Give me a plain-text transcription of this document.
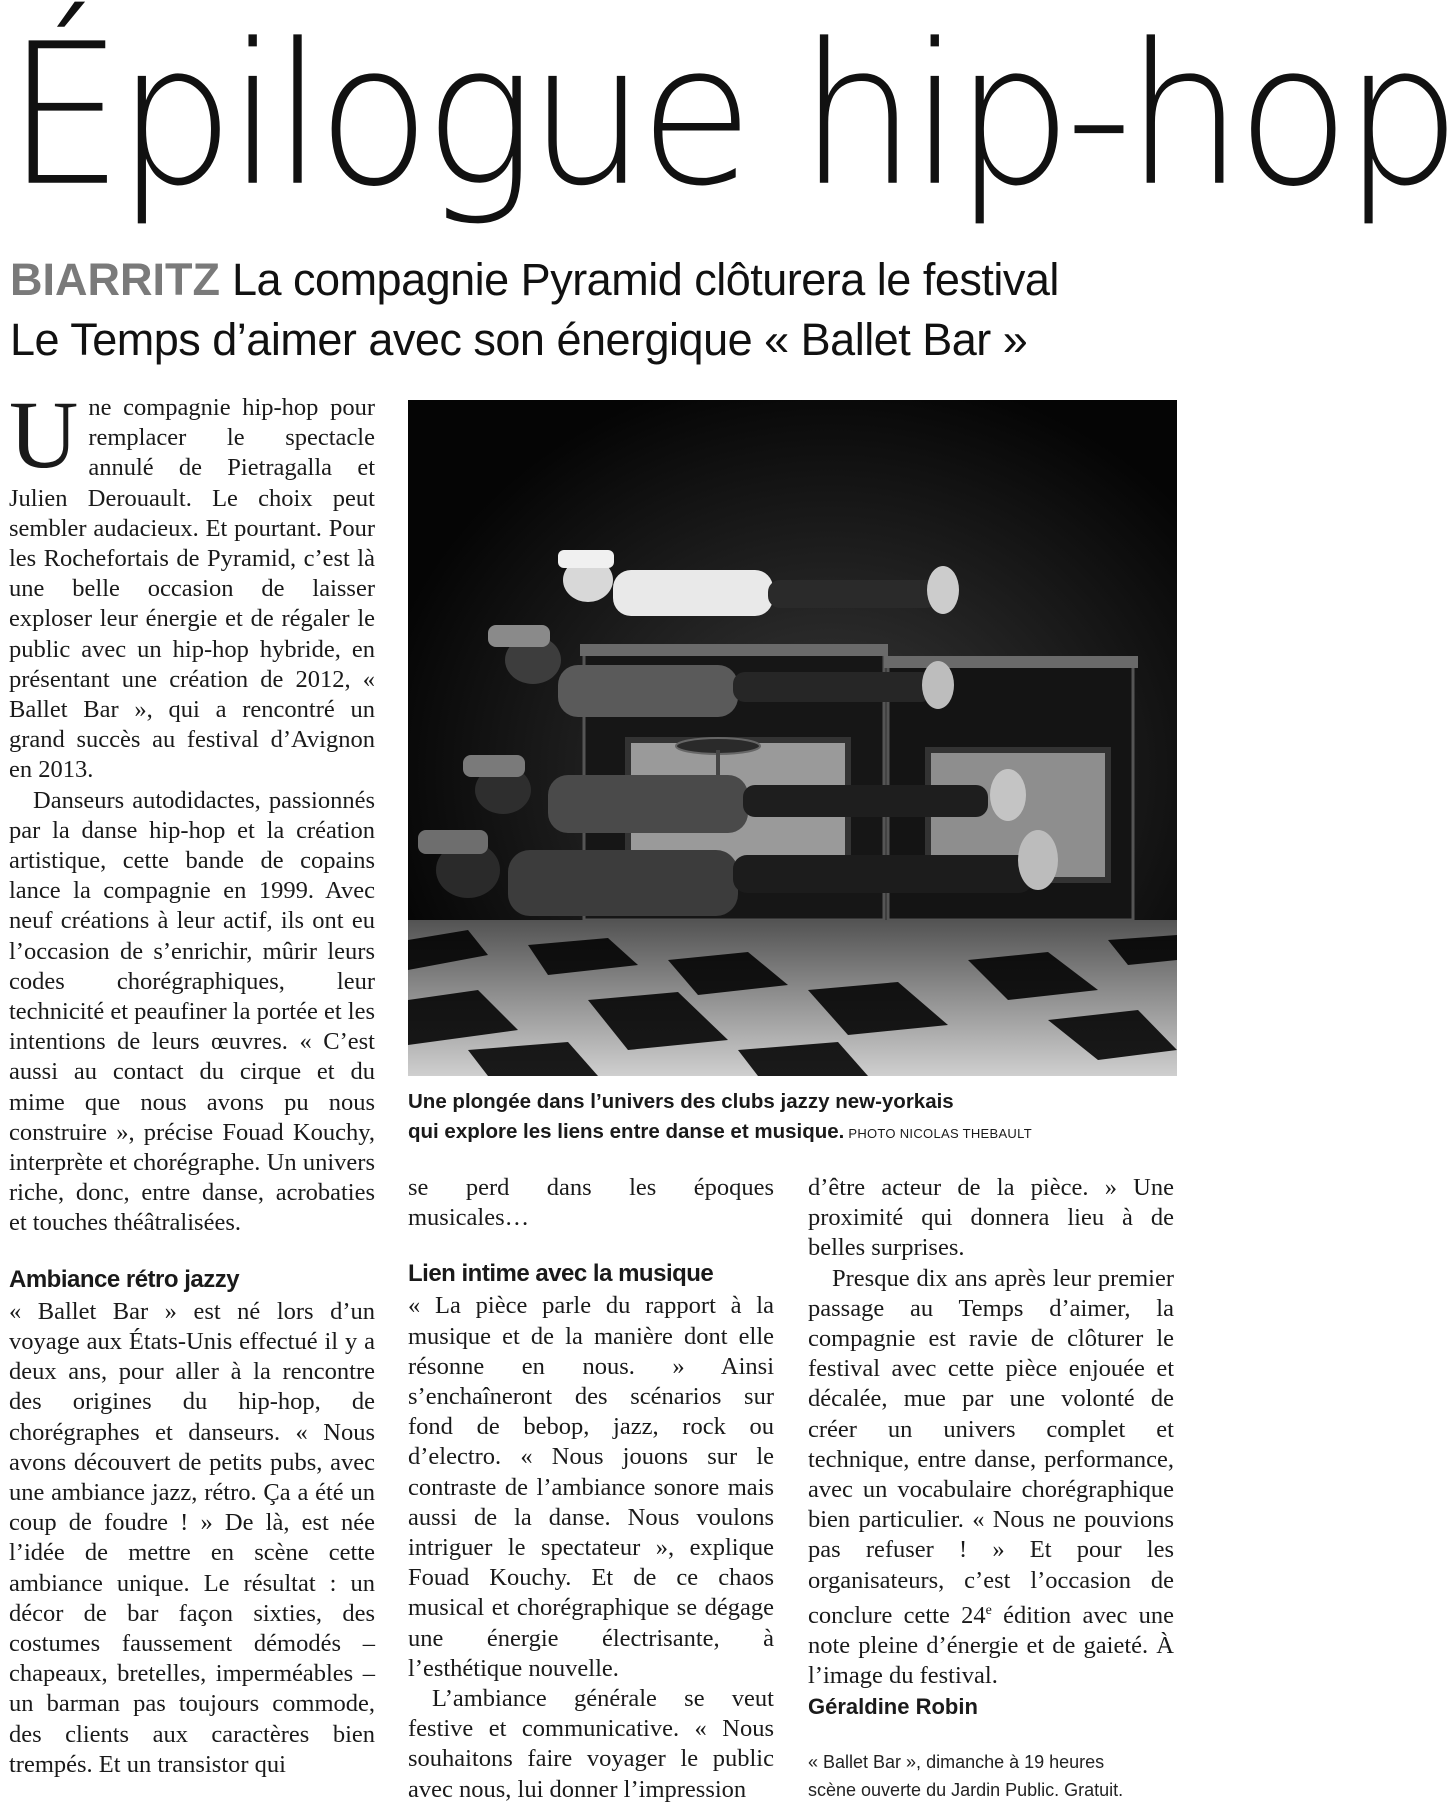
Épilogue hip-hop
BIARRITZ La compagnie Pyramid clôturera le festival
Le Temps d’aimer avec son énergique « Ballet Bar »

Une compagnie hip-hop pour remplacer le spectacle annulé de Pietragalla et Julien Derouault. Le choix peut sembler audacieux. Et pourtant. Pour les Rochefortais de Pyramid, c’est là une belle occasion de laisser exploser leur énergie et de régaler le public avec un hip-hop hybride, en présentant une création de 2012, « Ballet Bar », qui a rencontré un grand succès au festival d’Avignon en 2013.

Danseurs autodidactes, passionnés par la danse hip-hop et la création artistique, cette bande de copains lance la compagnie en 1999. Avec neuf créations à leur actif, ils ont eu l’occasion de s’enrichir, mûrir leurs codes chorégraphiques, leur technicité et peaufiner la portée et les intentions de leurs œuvres. « C’est aussi au contact du cirque et du mime que nous avons pu nous construire », précise Fouad Kouchy, interprète et chorégraphe. Un univers riche, donc, entre danse, acrobaties et touches théâtralisées.

Ambiance rétro jazzy

« Ballet Bar » est né lors d’un voyage aux États-Unis effectué il y a deux ans, pour aller à la rencontre des origines du hip-hop, de chorégraphes et danseurs. « Nous avons découvert de petits pubs, avec une ambiance jazz, rétro. Ça a été un coup de foudre ! » De là, est née l’idée de mettre en scène cette ambiance unique. Le résultat : un décor de bar façon sixties, des costumes faussement démodés – chapeaux, bretelles, imperméables – un barman pas toujours commode, des clients aux caractères bien trempés. Et un transistor qui

Une plongée dans l’univers des clubs jazzy new-yorkais
qui explore les liens entre danse et musique. PHOTO NICOLAS THEBAULT

se perd dans les époques musicales…

Lien intime avec la musique

« La pièce parle du rapport à la musique et de la manière dont elle résonne en nous. » Ainsi s’enchaîneront des scénarios sur fond de bebop, jazz, rock ou d’electro. « Nous jouons sur le contraste de l’ambiance sonore mais aussi de la danse. Nous voulons intriguer le spectateur », explique Fouad Kouchy. Et de ce chaos musical et chorégraphique se dégage une énergie électrisante, à l’esthétique nouvelle.

L’ambiance générale se veut festive et communicative. « Nous souhaitons faire voyager le public avec nous, lui donner l’impression

d’être acteur de la pièce. » Une proximité qui donnera lieu à de belles surprises.

Presque dix ans après leur premier passage au Temps d’aimer, la compagnie est ravie de clôturer le festival avec cette pièce enjouée et décalée, mue par une volonté de créer un univers complet et technique, entre danse, performance, avec un vocabulaire chorégraphique bien particulier. « Nous ne pouvions pas refuser ! » Et pour les organisateurs, c’est l’occasion de conclure cette 24e édition avec une note pleine d’énergie et de gaieté. À l’image du festival.

Géraldine Robin
« Ballet Bar », dimanche à 19 heures
scène ouverte du Jardin Public. Gratuit.
